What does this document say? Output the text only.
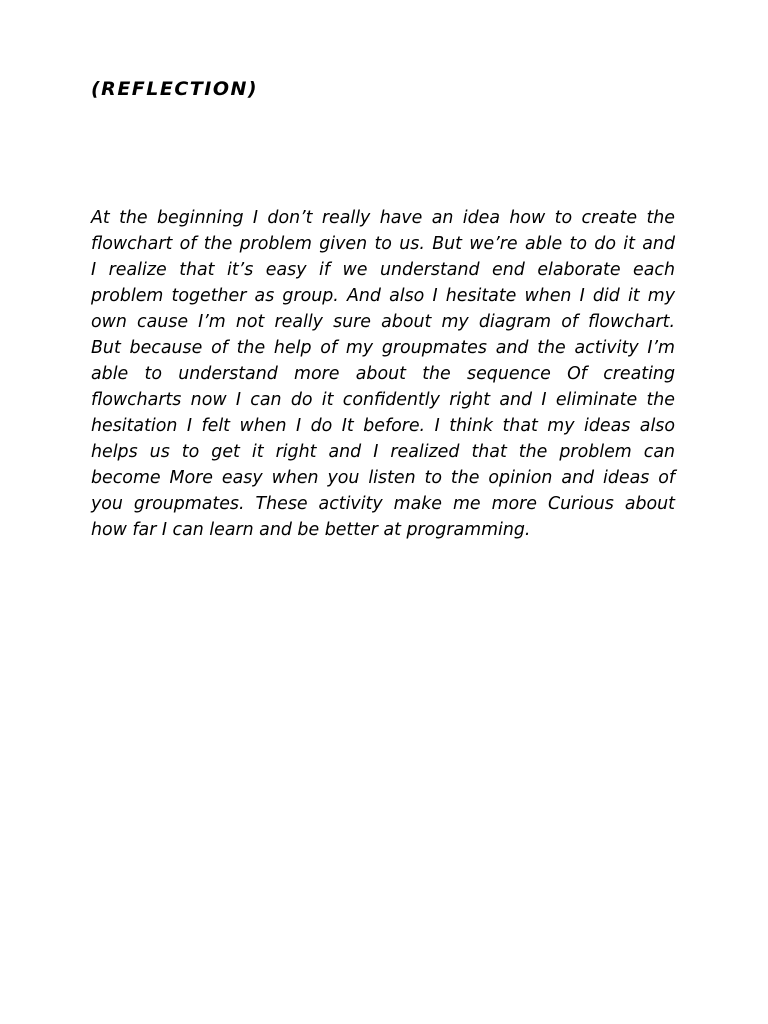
(REFLECTION)
At the beginning I don’t really have an idea how to create the
flowchart of the problem given to us. But we’re able to do it and
I realize that it’s easy if we understand end elaborate each
problem together as group. And also I hesitate when I did it my
own cause I’m not really sure about my diagram of flowchart.
But because of the help of my groupmates and the activity I’m
able to understand more about the sequence Of creating
flowcharts now I can do it confidently right and I eliminate the
hesitation I felt when I do It before. I think that my ideas also
helps us to get it right and I realized that the problem can
become More easy when you listen to the opinion and ideas of
you groupmates. These activity make me more Curious about
how far I can learn and be better at programming.
